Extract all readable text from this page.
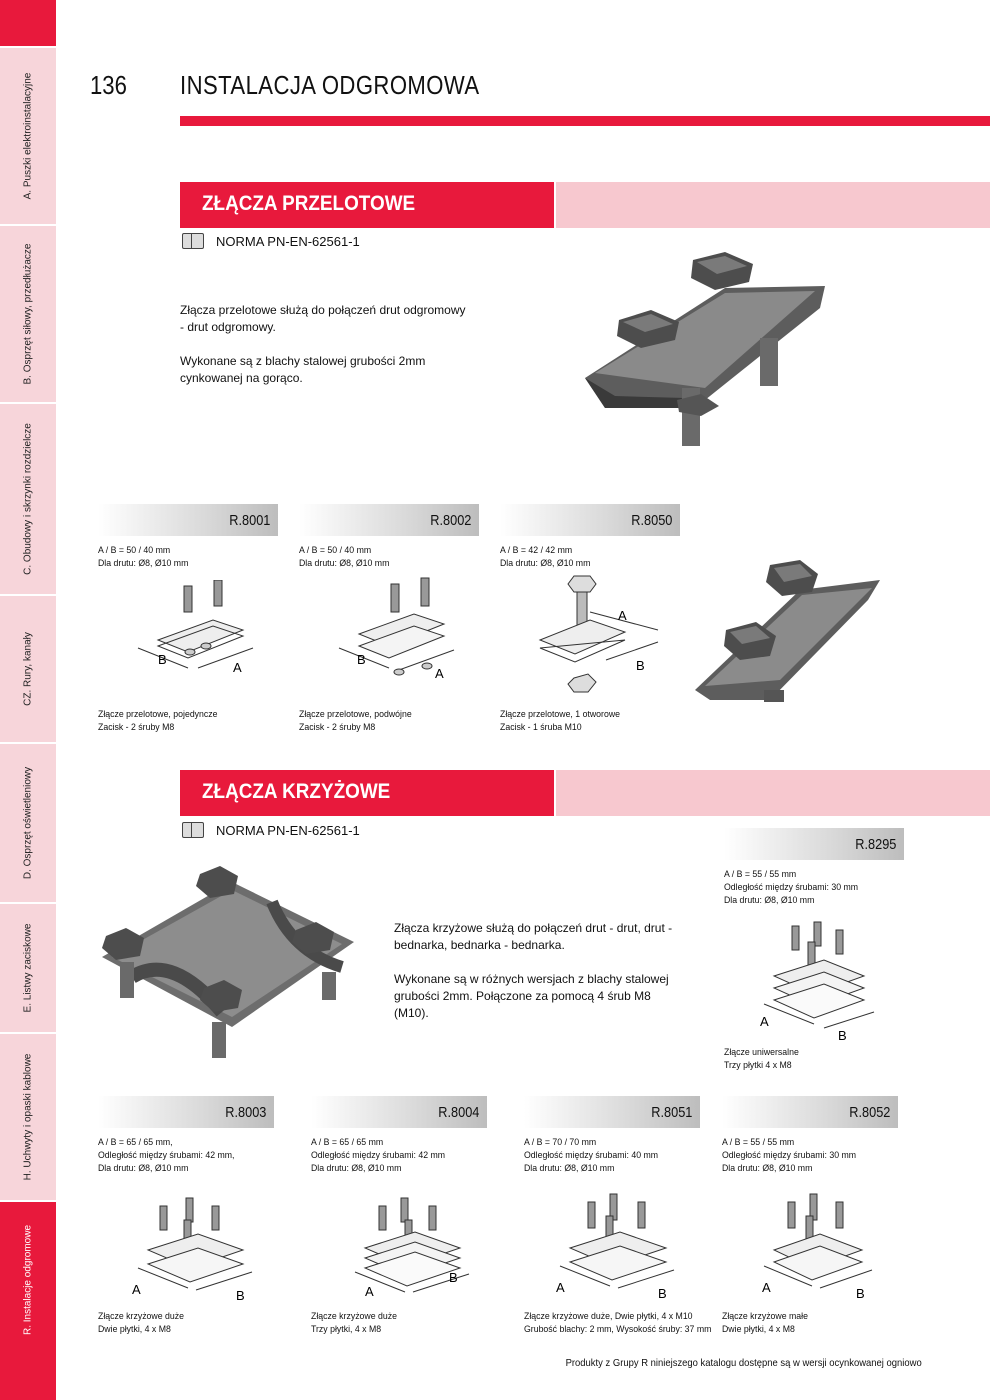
A. Puszki elektroinstalacyjne
B. Osprzęt siłowy, przedłużacze
C. Obudowy i skrzynki rozdzielcze
CZ. Rury, kanały
D. Osprzęt oświetleniowy
E. Listwy zaciskowe
H. Uchwyty i opaski kablowe
R. Instalacje odgromowe
136 INSTALACJA ODGROMOWA
ZŁĄCZA PRZELOTOWE
NORMA PN-EN-62561-1

Złącza przelotowe służą do połączeń drut odgromowy - drut odgromowy.

Wykonane są z blachy stalowej grubości 2mm cynkowanej na gorąco.

R.8001
A / B = 50 / 40 mm
Dla drutu: Ø8, Ø10 mm
B
A
Złącze przelotowe, pojedyncze
Zacisk - 2 śruby M8
R.8002
A / B = 50 / 40 mm
Dla drutu: Ø8, Ø10 mm
B
A
Złącze przelotowe, podwójne
Zacisk - 2 śruby M8
R.8050
A / B = 42 / 42 mm
Dla drutu: Ø8, Ø10 mm
A
B
Złącze przelotowe, 1 otworowe
Zacisk - 1 śruba M10
ZŁĄCZA KRZYŻOWE
NORMA PN-EN-62561-1

Złącza krzyżowe służą do połączeń drut - drut, drut - bednarka, bednarka - bednarka.

Wykonane są w różnych wersjach z blachy stalowej grubości 2mm. Połączone za pomocą 4 śrub M8 (M10).

R.8295
A / B = 55 / 55 mm
Odległość między śrubami: 30 mm
Dla drutu: Ø8, Ø10 mm
A
B
Złącze uniwersalne
Trzy płytki 4 x M8
R.8003
A / B = 65 / 65 mm,
Odległość między śrubami: 42 mm,
Dla drutu: Ø8, Ø10 mm
A	B
Złącze krzyżowe duże
Dwie płytki, 4 x M8
R.8004
A / B = 65 / 65 mm
Odległość między śrubami: 42 mm
Dla drutu: Ø8, Ø10 mm
A
B
Złącze krzyżowe duże
Trzy płytki, 4 x M8
R.8051
A / B = 70 / 70 mm
Odległość między śrubami: 40 mm
Dla drutu: Ø8, Ø10 mm
A	B
Złącze krzyżowe duże, Dwie płytki, 4 x M10
Grubość blachy: 2 mm, Wysokość śruby: 37 mm
R.8052
A / B = 55 / 55 mm
Odległość między śrubami: 30 mm
Dla drutu: Ø8, Ø10 mm
A	B
Złącze krzyżowe małe
Dwie płytki, 4 x M8
Produkty z Grupy R niniejszego katalogu dostępne są w wersji ocynkowanej ogniowo
